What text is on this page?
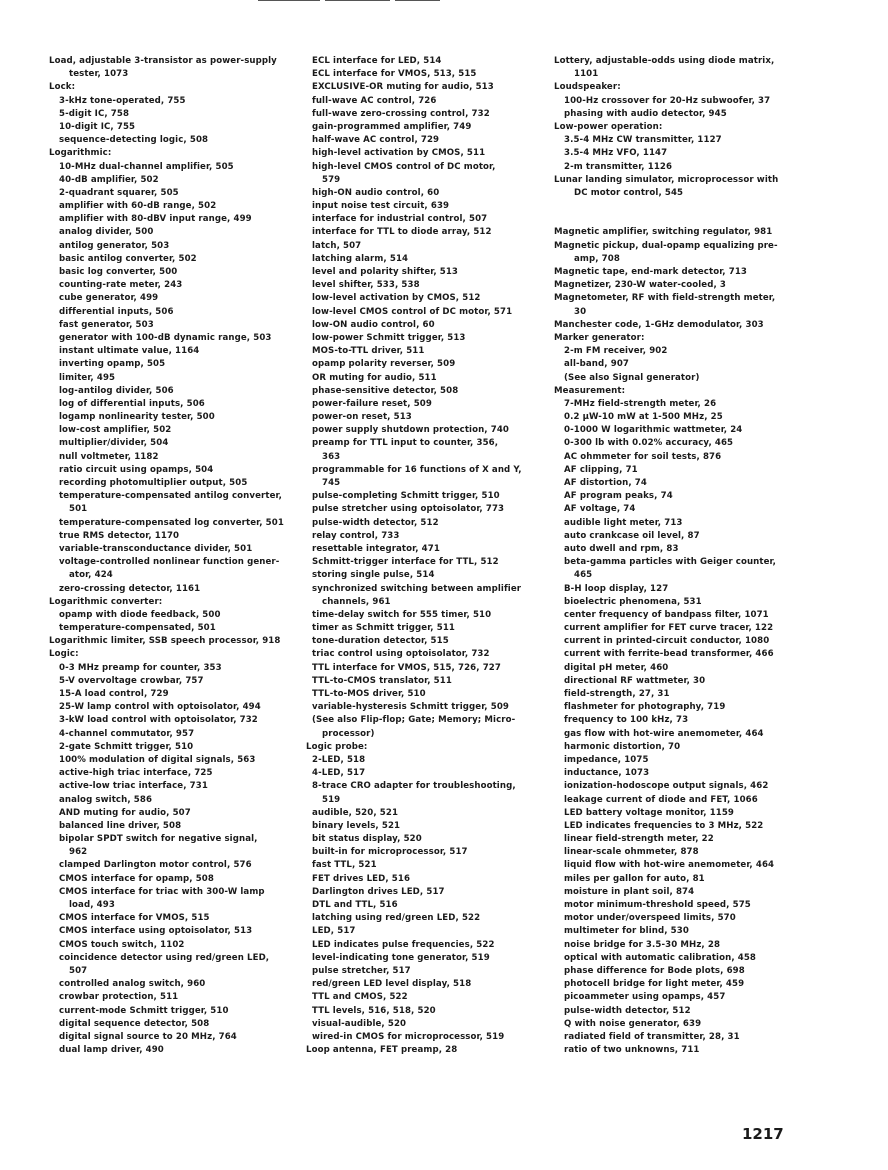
Load, adjustable 3-transistor as power-supply
tester, 1073
Lock:
3-kHz tone-operated, 755
5-digit IC, 758
10-digit IC, 755
sequence-detecting logic, 508
Logarithmic:
10-MHz dual-channel amplifier, 505
40-dB amplifier, 502
2-quadrant squarer, 505
amplifier with 60-dB range, 502
amplifier with 80-dBV input range, 499
analog divider, 500
antilog generator, 503
basic antilog converter, 502
basic log converter, 500
counting-rate meter, 243
cube generator, 499
differential inputs, 506
fast generator, 503
generator with 100-dB dynamic range, 503
instant ultimate value, 1164
inverting opamp, 505
limiter, 495
log-antilog divider, 506
log of differential inputs, 506
logamp nonlinearity tester, 500
low-cost amplifier, 502
multiplier/divider, 504
null voltmeter, 1182
ratio circuit using opamps, 504
recording photomultiplier output, 505
temperature-compensated antilog converter,
501
temperature-compensated log converter, 501
true RMS detector, 1170
variable-transconductance divider, 501
voltage-controlled nonlinear function gener-
ator, 424
zero-crossing detector, 1161
Logarithmic converter:
opamp with diode feedback, 500
temperature-compensated, 501
Logarithmic limiter, SSB speech processor, 918
Logic:
0-3 MHz preamp for counter, 353
5-V overvoltage crowbar, 757
15-A load control, 729
25-W lamp control with optoisolator, 494
3-kW load control with optoisolator, 732
4-channel commutator, 957
2-gate Schmitt trigger, 510
100% modulation of digital signals, 563
active-high triac interface, 725
active-low triac interface, 731
analog switch, 586
AND muting for audio, 507
balanced line driver, 508
bipolar SPDT switch for negative signal,
962
clamped Darlington motor control, 576
CMOS interface for opamp, 508
CMOS interface for triac with 300-W lamp
load, 493
CMOS interface for VMOS, 515
CMOS interface using optoisolator, 513
CMOS touch switch, 1102
coincidence detector using red/green LED,
507
controlled analog switch, 960
crowbar protection, 511
current-mode Schmitt trigger, 510
digital sequence detector, 508
digital signal source to 20 MHz, 764
dual lamp driver, 490
ECL interface for LED, 514
ECL interface for VMOS, 513, 515
EXCLUSIVE-OR muting for audio, 513
full-wave AC control, 726
full-wave zero-crossing control, 732
gain-programmed amplifier, 749
half-wave AC control, 729
high-level activation by CMOS, 511
high-level CMOS control of DC motor,
579
high-ON audio control, 60
input noise test circuit, 639
interface for industrial control, 507
interface for TTL to diode array, 512
latch, 507
latching alarm, 514
level and polarity shifter, 513
level shifter, 533, 538
low-level activation by CMOS, 512
low-level CMOS control of DC motor, 571
low-ON audio control, 60
low-power Schmitt trigger, 513
MOS-to-TTL driver, 511
opamp polarity reverser, 509
OR muting for audio, 511
phase-sensitive detector, 508
power-failure reset, 509
power-on reset, 513
power supply shutdown protection, 740
preamp for TTL input to counter, 356,
363
programmable for 16 functions of X and Y,
745
pulse-completing Schmitt trigger, 510
pulse stretcher using optoisolator, 773
pulse-width detector, 512
relay control, 733
resettable integrator, 471
Schmitt-trigger interface for TTL, 512
storing single pulse, 514
synchronized switching between amplifier
channels, 961
time-delay switch for 555 timer, 510
timer as Schmitt trigger, 511
tone-duration detector, 515
triac control using optoisolator, 732
TTL interface for VMOS, 515, 726, 727
TTL-to-CMOS translator, 511
TTL-to-MOS driver, 510
variable-hysteresis Schmitt trigger, 509
(See also Flip-flop; Gate; Memory; Micro-
processor)
Logic probe:
2-LED, 518
4-LED, 517
8-trace CRO adapter for troubleshooting,
519
audible, 520, 521
binary levels, 521
bit status display, 520
built-in for microprocessor, 517
fast TTL, 521
FET drives LED, 516
Darlington drives LED, 517
DTL and TTL, 516
latching using red/green LED, 522
LED, 517
LED indicates pulse frequencies, 522
level-indicating tone generator, 519
pulse stretcher, 517
red/green LED level display, 518
TTL and CMOS, 522
TTL levels, 516, 518, 520
visual-audible, 520
wired-in CMOS for microprocessor, 519
Loop antenna, FET preamp, 28
Lottery, adjustable-odds using diode matrix,
1101
Loudspeaker:
100-Hz crossover for 20-Hz subwoofer, 37
phasing with audio detector, 945
Low-power operation:
3.5-4 MHz CW transmitter, 1127
3.5-4 MHz VFO, 1147
2-m transmitter, 1126
Lunar landing simulator, microprocessor with
DC motor control, 545
Magnetic amplifier, switching regulator, 981
Magnetic pickup, dual-opamp equalizing pre-
amp, 708
Magnetic tape, end-mark detector, 713
Magnetizer, 230-W water-cooled, 3
Magnetometer, RF with field-strength meter,
30
Manchester code, 1-GHz demodulator, 303
Marker generator:
2-m FM receiver, 902
all-band, 907
(See also Signal generator)
Measurement:
7-MHz field-strength meter, 26
0.2 μW-10 mW at 1-500 MHz, 25
0-1000 W logarithmic wattmeter, 24
0-300 lb with 0.02% accuracy, 465
AC ohmmeter for soil tests, 876
AF clipping, 71
AF distortion, 74
AF program peaks, 74
AF voltage, 74
audible light meter, 713
auto crankcase oil level, 87
auto dwell and rpm, 83
beta-gamma particles with Geiger counter,
465
B-H loop display, 127
bioelectric phenomena, 531
center frequency of bandpass filter, 1071
current amplifier for FET curve tracer, 122
current in printed-circuit conductor, 1080
current with ferrite-bead transformer, 466
digital pH meter, 460
directional RF wattmeter, 30
field-strength, 27, 31
flashmeter for photography, 719
frequency to 100 kHz, 73
gas flow with hot-wire anemometer, 464
harmonic distortion, 70
impedance, 1075
inductance, 1073
ionization-hodoscope output signals, 462
leakage current of diode and FET, 1066
LED battery voltage monitor, 1159
LED indicates frequencies to 3 MHz, 522
linear field-strength meter, 22
linear-scale ohmmeter, 878
liquid flow with hot-wire anemometer, 464
miles per gallon for auto, 81
moisture in plant soil, 874
motor minimum-threshold speed, 575
motor under/overspeed limits, 570
multimeter for blind, 530
noise bridge for 3.5-30 MHz, 28
optical with automatic calibration, 458
phase difference for Bode plots, 698
photocell bridge for light meter, 459
picoammeter using opamps, 457
pulse-width detector, 512
Q with noise generator, 639
radiated field of transmitter, 28, 31
ratio of two unknowns, 711
1217
